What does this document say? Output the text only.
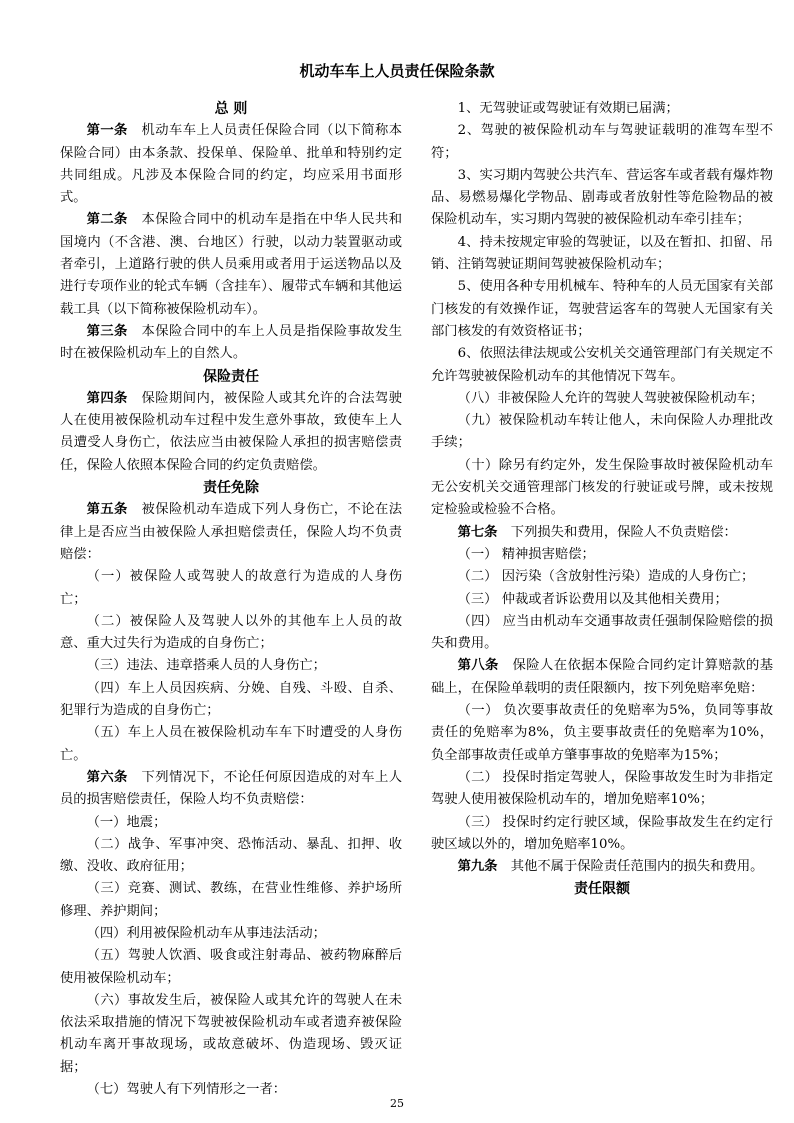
机动车车上人员责任保险条款

总 则

第一条　 机动车车上人员责任保险合同（以下简称本保险合同）由本条款、投保单、保险单、批单和特别约定共同组成。凡涉及本保险合同的约定，均应采用书面形式。

第二条　 本保险合同中的机动车是指在中华人民共和国境内（不含港、澳、台地区）行驶，以动力装置驱动或者牵引，上道路行驶的供人员乘用或者用于运送物品以及进行专项作业的轮式车辆（含挂车）、履带式车辆和其他运载工具（以下简称被保险机动车）。

第三条　 本保险合同中的车上人员是指保险事故发生时在被保险机动车上的自然人。

保险责任

第四条　 保险期间内，被保险人或其允许的合法驾驶人在使用被保险机动车过程中发生意外事故，致使车上人员遭受人身伤亡，依法应当由被保险人承担的损害赔偿责任，保险人依照本保险合同的约定负责赔偿。

责任免除

第五条　 被保险机动车造成下列人身伤亡，不论在法律上是否应当由被保险人承担赔偿责任，保险人均不负责赔偿：

（一）被保险人或驾驶人的故意行为造成的人身伤亡；

（二）被保险人及驾驶人以外的其他车上人员的故意、重大过失行为造成的自身伤亡；

（三）违法、违章搭乘人员的人身伤亡；

（四）车上人员因疾病、分娩、自残、斗殴、自杀、犯罪行为造成的自身伤亡；

（五）车上人员在被保险机动车车下时遭受的人身伤亡。

第六条　 下列情况下，不论任何原因造成的对车上人员的损害赔偿责任，保险人均不负责赔偿：

（一）地震；

（二）战争、军事冲突、恐怖活动、暴乱、扣押、收缴、没收、政府征用；

（三）竞赛、测试、教练，在营业性维修、养护场所修理、养护期间；

（四）利用被保险机动车从事违法活动；

（五）驾驶人饮酒、吸食或注射毒品、被药物麻醉后使用被保险机动车；

（六）事故发生后，被保险人或其允许的驾驶人在未依法采取措施的情况下驾驶被保险机动车或者遗弃被保险机动车离开事故现场，或故意破坏、伪造现场、毁灭证据；

（七）驾驶人有下列情形之一者：

1、无驾驶证或驾驶证有效期已届满；

2、驾驶的被保险机动车与驾驶证载明的准驾车型不符；

3、实习期内驾驶公共汽车、营运客车或者载有爆炸物品、易燃易爆化学物品、剧毒或者放射性等危险物品的被保险机动车，实习期内驾驶的被保险机动车牵引挂车；

4、持未按规定审验的驾驶证，以及在暂扣、扣留、吊销、注销驾驶证期间驾驶被保险机动车；

5、使用各种专用机械车、特种车的人员无国家有关部门核发的有效操作证，驾驶营运客车的驾驶人无国家有关部门核发的有效资格证书；

6、依照法律法规或公安机关交通管理部门有关规定不允许驾驶被保险机动车的其他情况下驾车。

（八）非被保险人允许的驾驶人驾驶被保险机动车；

（九）被保险机动车转让他人，未向保险人办理批改手续；

（十）除另有约定外，发生保险事故时被保险机动车无公安机关交通管理部门核发的行驶证或号牌，或未按规定检验或检验不合格。

第七条　 下列损失和费用，保险人不负责赔偿：

（一） 精神损害赔偿；

（二） 因污染（含放射性污染）造成的人身伤亡；

（三） 仲裁或者诉讼费用以及其他相关费用；

（四） 应当由机动车交通事故责任强制保险赔偿的损失和费用。

第八条　 保险人在依据本保险合同约定计算赔款的基础上，在保险单载明的责任限额内，按下列免赔率免赔：

（一） 负次要事故责任的免赔率为5%，负同等事故责任的免赔率为8%，负主要事故责任的免赔率为10%，负全部事故责任或单方肇事事故的免赔率为15%；

（二） 投保时指定驾驶人，保险事故发生时为非指定驾驶人使用被保险机动车的，增加免赔率10%；

（三） 投保时约定行驶区域，保险事故发生在约定行驶区域以外的，增加免赔率10%。

第九条　 其他不属于保险责任范围内的损失和费用。

责任限额

25
